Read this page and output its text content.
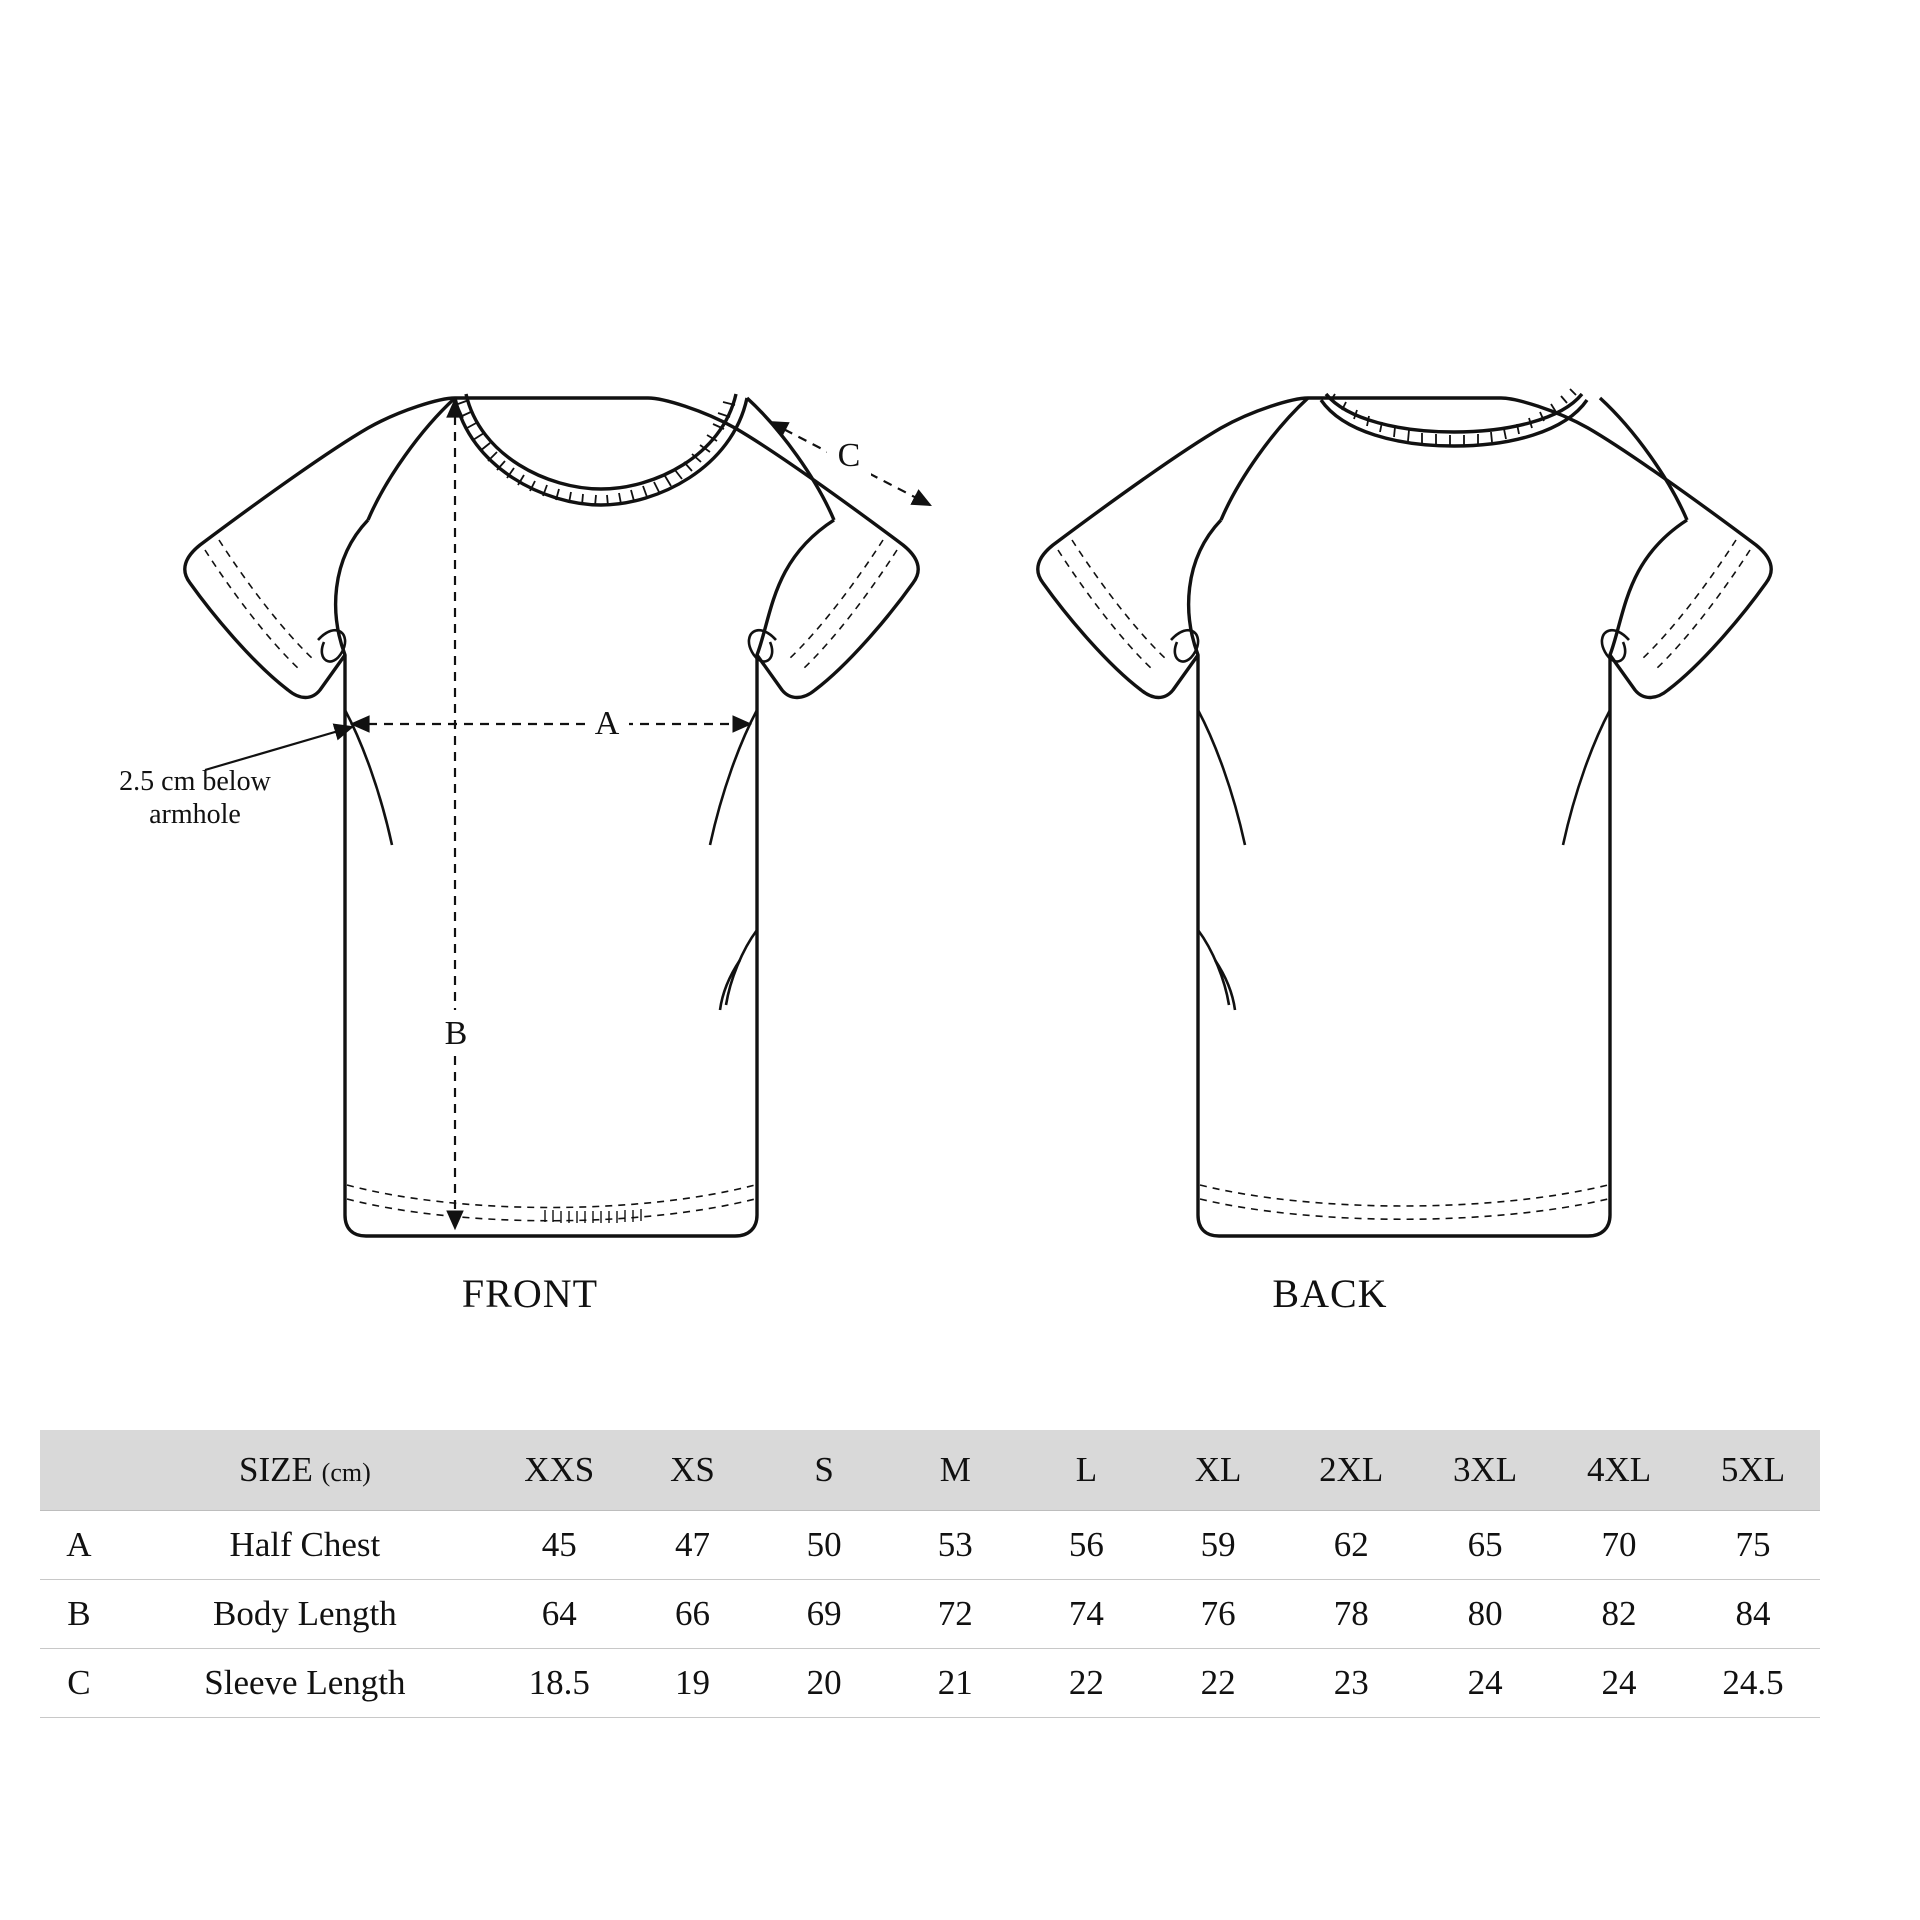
A
B
C
2.5 cm below armhole
FRONT	BACK
	SIZE (cm)	XXS	XS	S	M	L	XL	2XL	3XL	4XL	5XL
A	Half Chest	45	47	50	53	56	59	62	65	70	75
B	Body Length	64	66	69	72	74	76	78	80	82	84
C	Sleeve Length	18.5	19	20	21	22	22	23	24	24	24.5
